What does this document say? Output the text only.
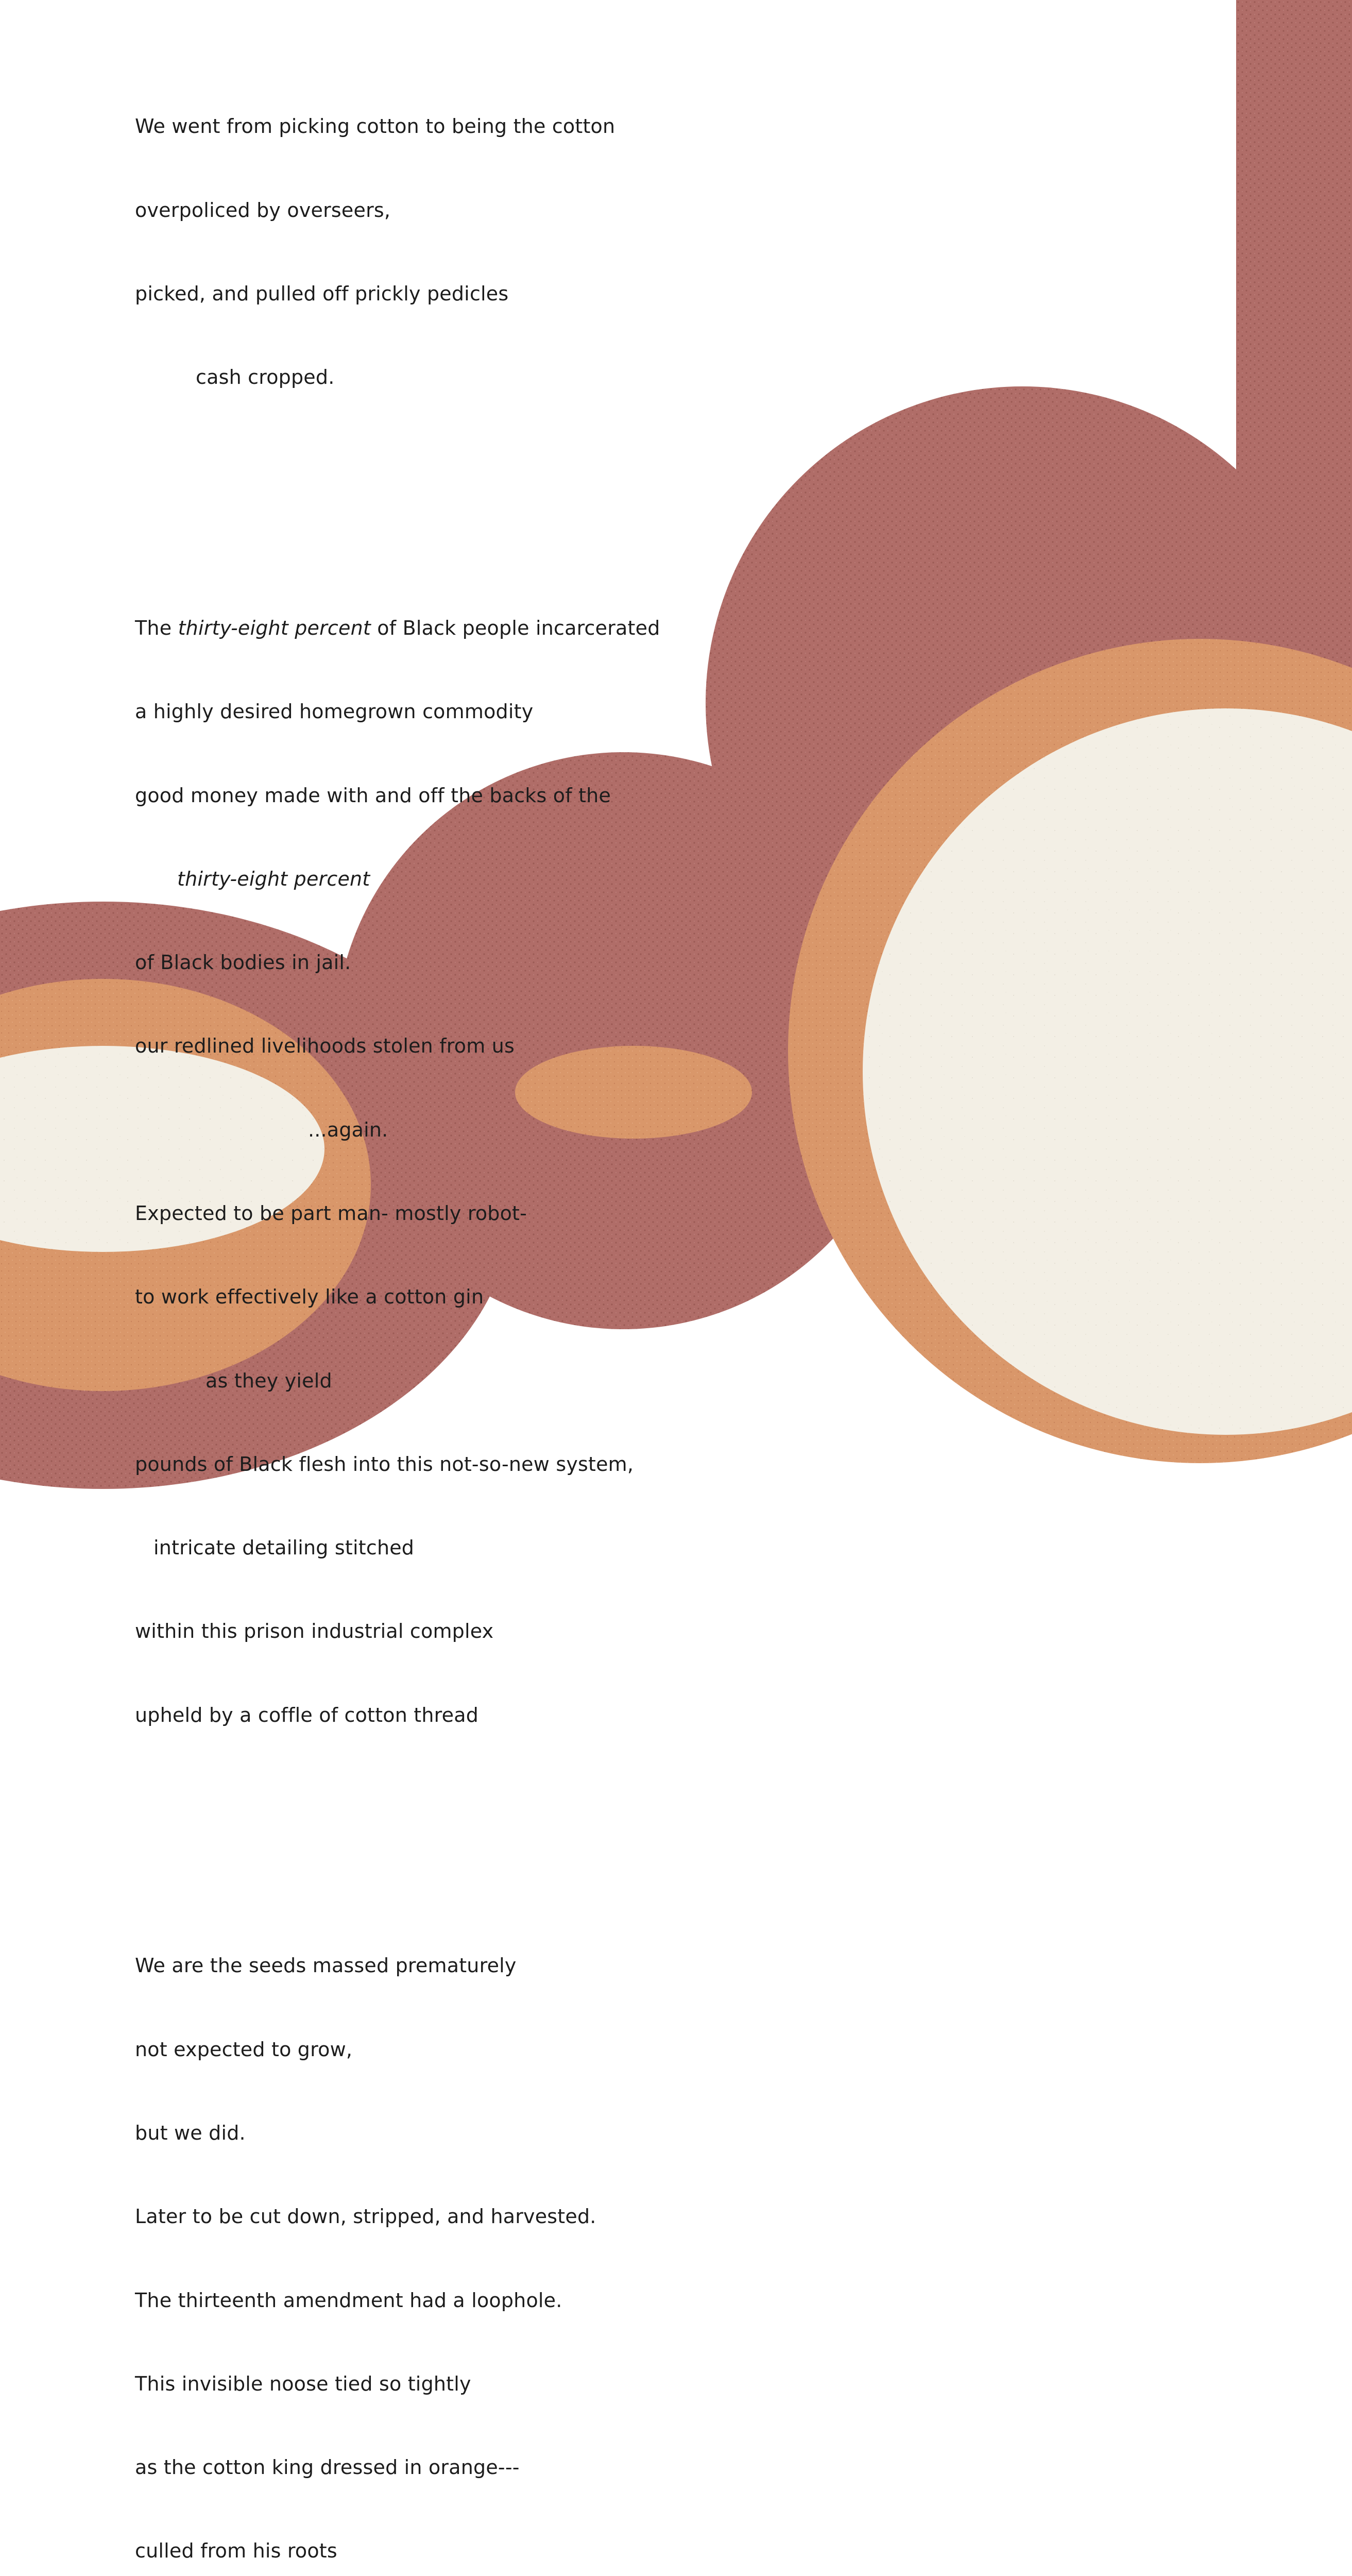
We went from picking cotton to being the cotton

overpoliced by overseers,

picked, and pulled off prickly pedicles

cash cropped.

The thirty-eight percent of Black people incarcerated

a highly desired homegrown commodity

good money made with and off the backs of the

thirty-eight percent

of Black bodies in jail.

our redlined livelihoods stolen from us

...again.

Expected to be part man- mostly robot-

to work effectively like a cotton gin

as they yield

pounds of Black flesh into this not-so-new system,

intricate detailing stitched

within this prison industrial complex

upheld by a coffle of cotton thread

We are the seeds massed prematurely

not expected to grow,

but we did.

Later to be cut down, stripped, and harvested.

The thirteenth amendment had a loophole.

This invisible noose tied so tightly

as the cotton king dressed in orange---

culled from his roots
